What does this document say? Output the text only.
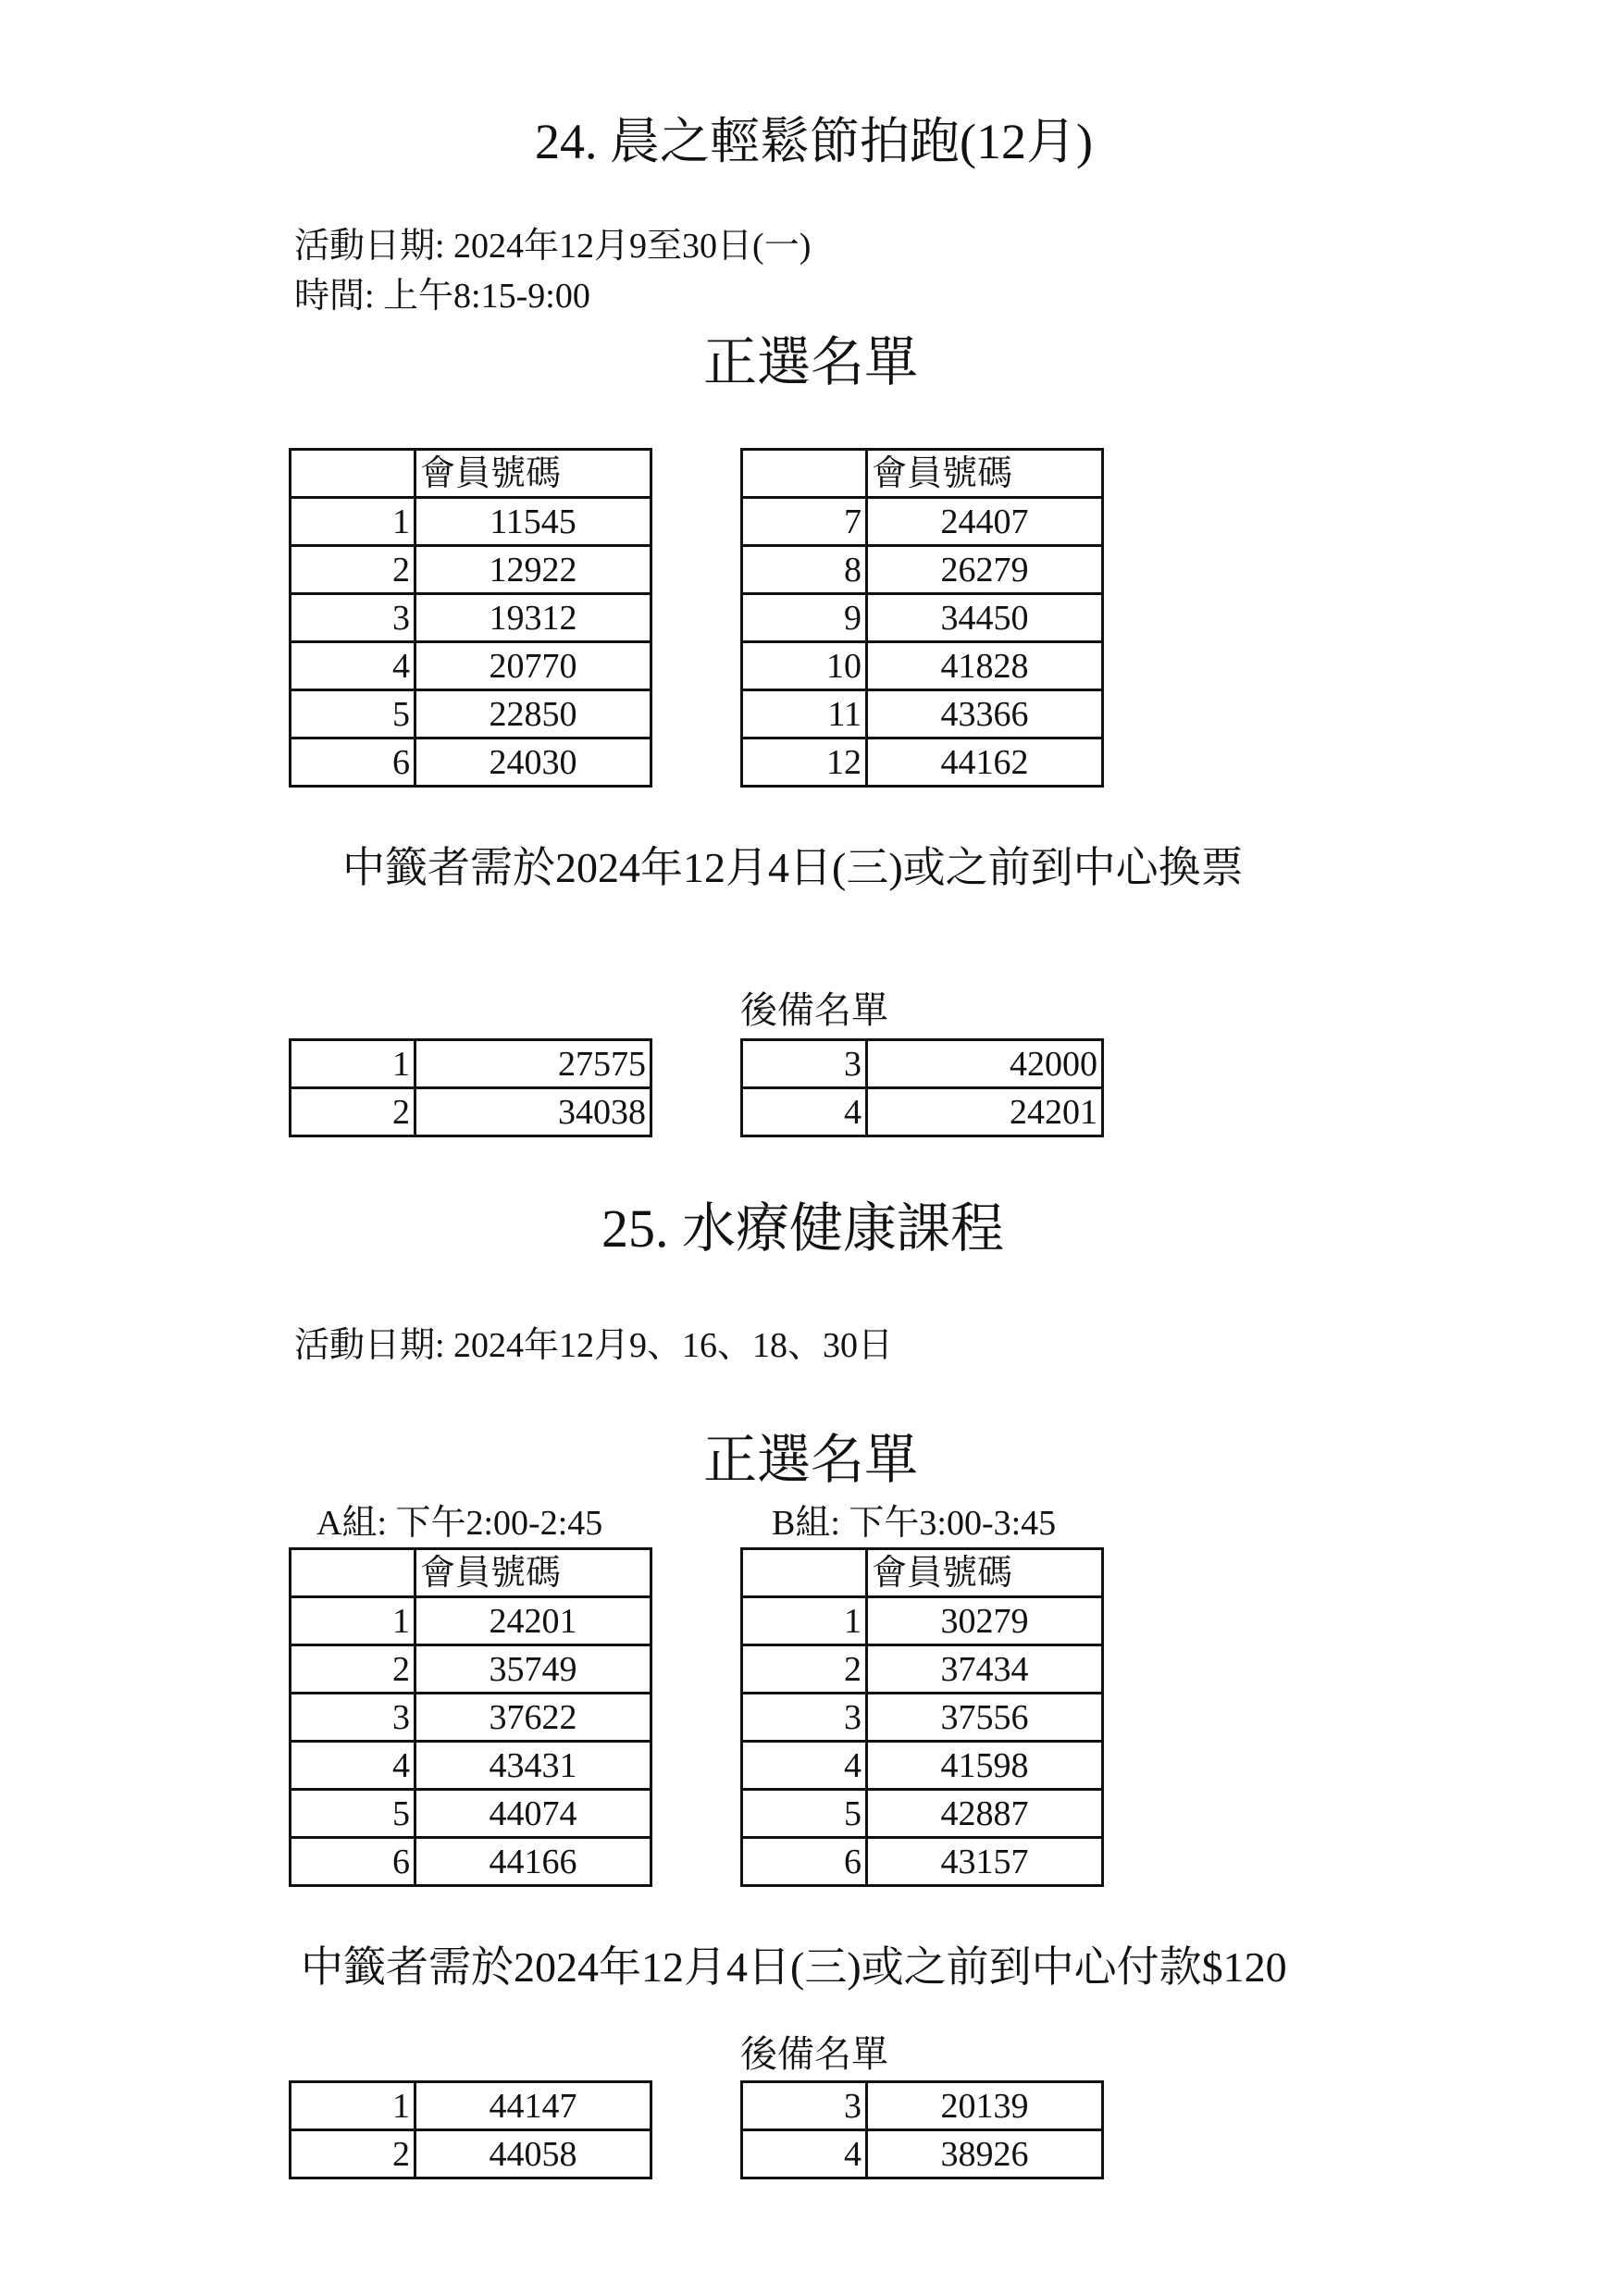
24. 晨之輕鬆節拍跑(12月)
活動日期: 2024年12月9至30日(一)
時間: 上午8:15-9:00
正選名單
	會員號碼
1	11545
2	12922
3	19312
4	20770
5	22850
6	24030
	會員號碼
7	24407
8	26279
9	34450
10	41828
11	43366
12	44162
中籤者需於2024年12月4日(三)或之前到中心換票
後備名單
1	27575
2	34038
3	42000
4	24201
25. 水療健康課程
活動日期: 2024年12月9、16、18、30日
正選名單
A組: 下午2:00-2:45	B組: 下午3:00-3:45
	會員號碼
1	24201
2	35749
3	37622
4	43431
5	44074
6	44166
	會員號碼
1	30279
2	37434
3	37556
4	41598
5	42887
6	43157
中籤者需於2024年12月4日(三)或之前到中心付款$120
後備名單
1	44147
2	44058
3	20139
4	38926
